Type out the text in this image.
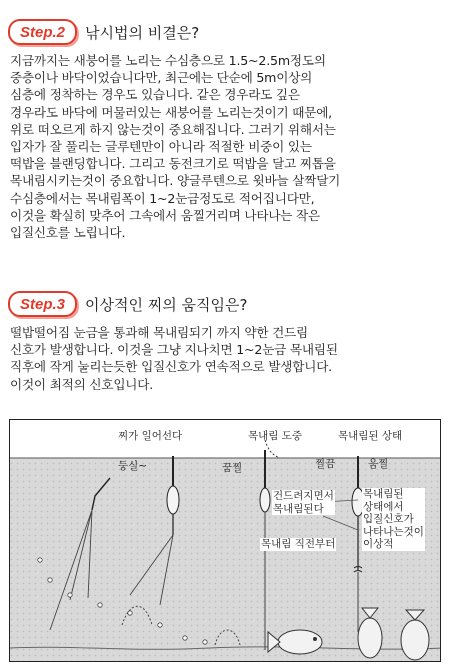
Step.2	낚시법의 비결은?

지금까지는 새붕어를 노리는 수심층으로 1.5~2.5m정도의
중층이나 바닥이었습니다만, 최근에는 단순에 5m이상의
심층에 정착하는 경우도 있습니다. 같은 경우라도 깊은
경우라도 바닥에 머물러있는 새붕어를 노리는것이기 때문에,
위로 떠오르게 하지 않는것이 중요해집니다. 그러기 위해서는
입자가 잘 풀리는 글루텐만이 아니라 적절한 비중이 있는
떡밥을 블랜딩합니다. 그리고 동전크기로 떡밥을 달고 찌톱을
목내림시키는것이 중요합니다. 양글루텐으로 윗바늘 살짝달기
수심층에서는 목내림폭이 1~2눈금정도로 적어집니다만,
이것을 확실히 맞추어 그속에서 움찔거리며 나타나는 작은
입질신호를 노립니다.

Step.3	이상적인 찌의 움직임은?

떨밥떨어짐 눈금을 통과해 목내림되기 까지 약한 건드림
신호가 발생합니다. 이것을 그냥 지나치면 1~2눈금 목내림된
직후에 작게 눌리는듯한 입질신호가 연속적으로 발생합니다.
이것이 최적의 신호입니다.

찌가 일어선다
둥실~	꿈찔
목내림 도중	목내림된 상태
찔끔	움찔
건드려지면서
목내림된다
목내림 직전부터
목내림된
상태에서
입질신호가
나타나는것이
이상적
